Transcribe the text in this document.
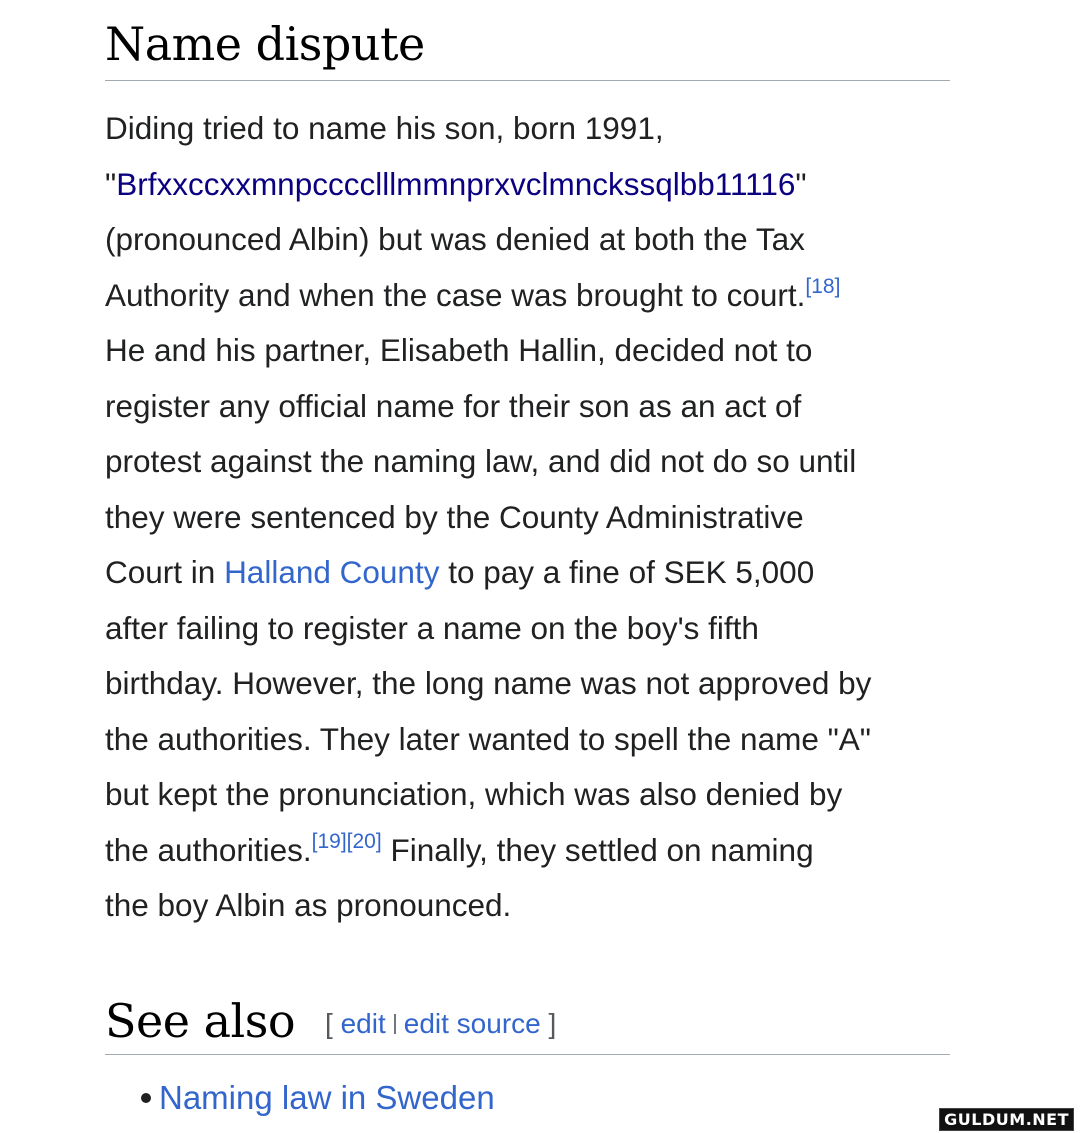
Name dispute

Diding tried to name his son, born 1991,
"Brfxxccxxmnpcccclllmmnprxvclmnckssqlbb11116"
(pronounced Albin) but was denied at both the Tax
Authority and when the case was brought to court.[18]
He and his partner, Elisabeth Hallin, decided not to
register any official name for their son as an act of
protest against the naming law, and did not do so until
they were sentenced by the County Administrative
Court in Halland County to pay a fine of SEK 5,000
after failing to register a name on the boy's fifth
birthday. However, the long name was not approved by
the authorities. They later wanted to spell the name "A"
but kept the pronunciation, which was also denied by
the authorities.[19][20] Finally, they settled on naming
the boy Albin as pronounced.

See also [ edit edit source ]
Naming law in Sweden
GULDUM.NET
